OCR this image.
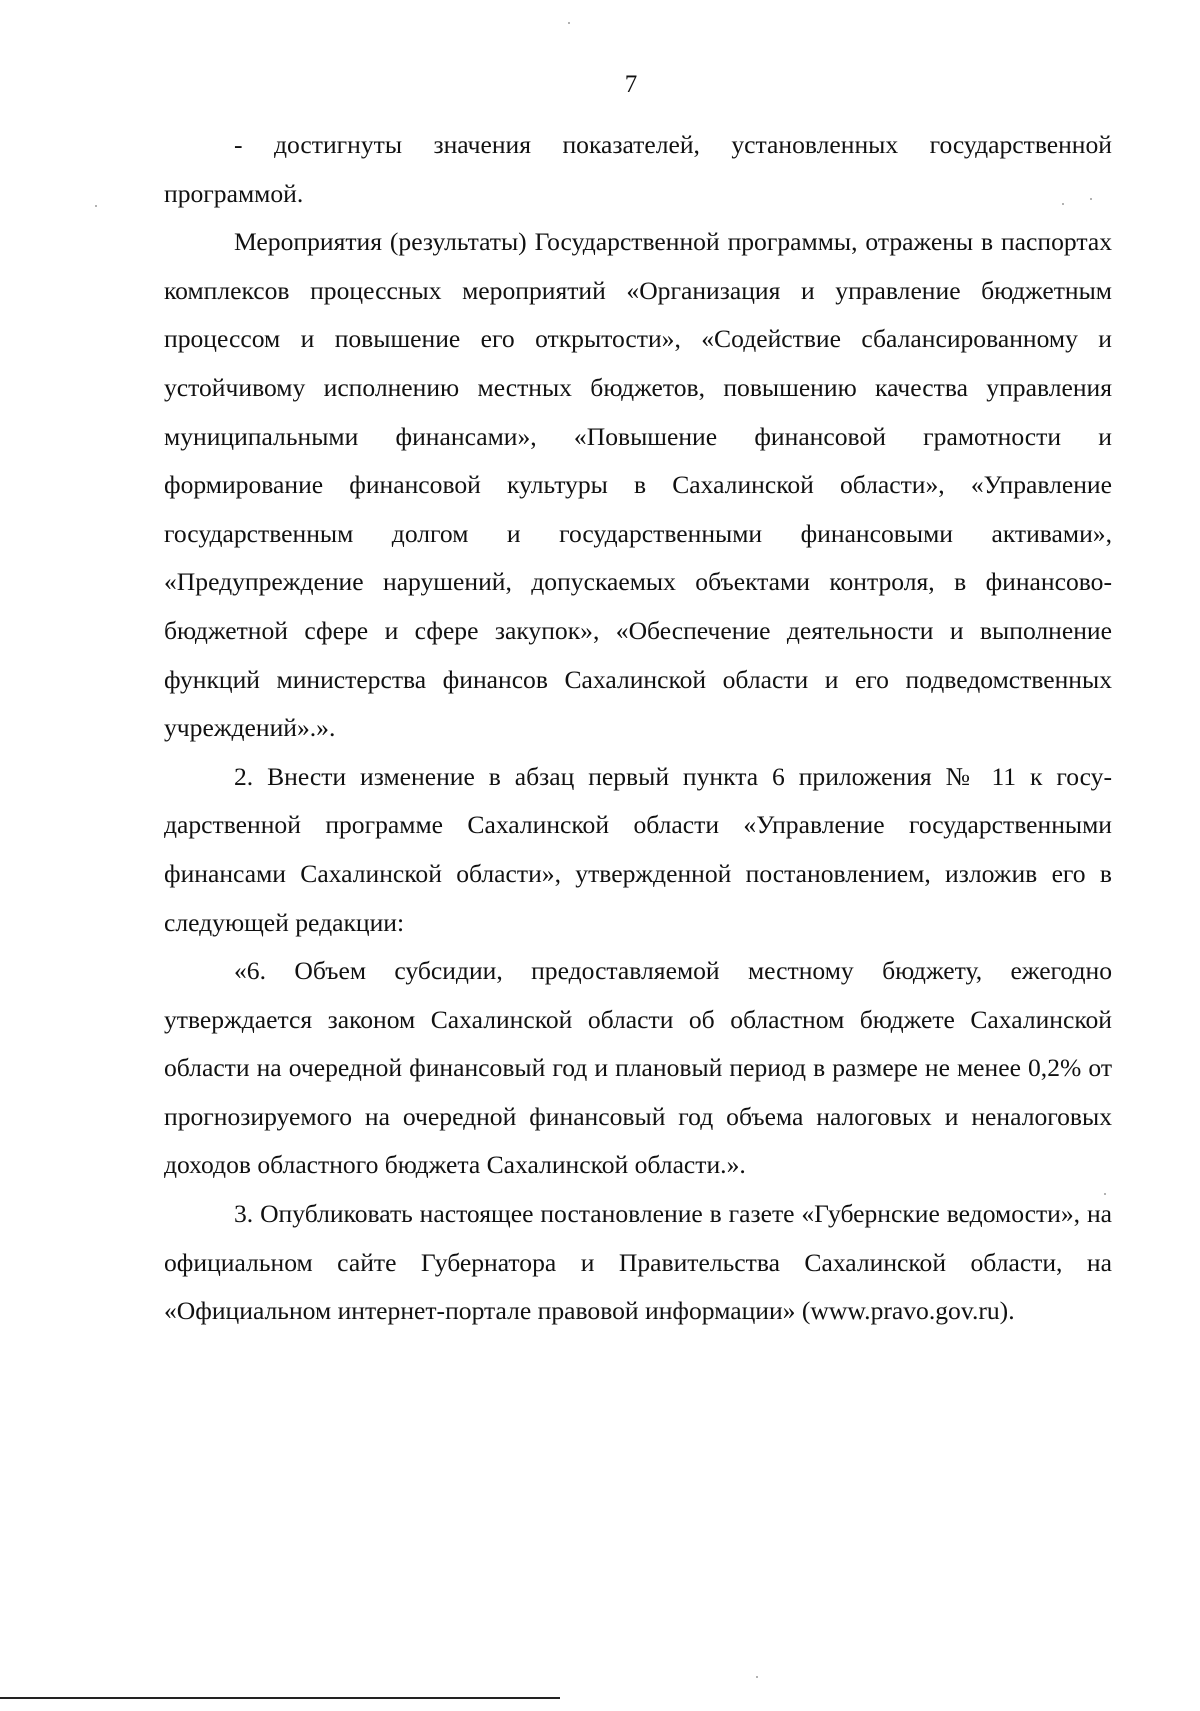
7

- достигнуты значения показателей, установленных государственной программой.

Мероприятия (результаты) Государственной программы, отражены в паспортах комплексов процессных мероприятий «Организация и управление бюджетным процессом и повышение его открытости», «Содействие сбалансированному и устойчивому исполнению местных бюджетов, повышению качества управления муниципальными финансами», «Повышение финансовой грамотности и формирование финансовой культуры в Сахалинской области», «Управление государственным долгом и государственными финансовыми активами», «Предупреждение нарушений, допускаемых объектами контроля, в финансово-бюджетной сфере и сфере закупок», «Обеспечение деятельности и выполнение функций министерства финансов Сахалинской области и его подведомственных учреждений».».

2. Внести изменение в абзац первый пункта 6 приложения № 11 к государственной программе Сахалинской области «Управление государственными финансами Сахалинской области», утвержденной постановлением, изложив его в следующей редакции:

«6. Объем субсидии, предоставляемой местному бюджету, ежегодно утверждается законом Сахалинской области об областном бюджете Сахалинской области на очередной финансовый год и плановый период в размере не менее 0,2% от прогнозируемого на очередной финансовый год объема налоговых и неналоговых доходов областного бюджета Сахалинской области.».

3. Опубликовать настоящее постановление в газете «Губернские ведомости», на официальном сайте Губернатора и Правительства Сахалинской области, на «Официальном интернет-портале правовой информации» (www.pravo.gov.ru).
